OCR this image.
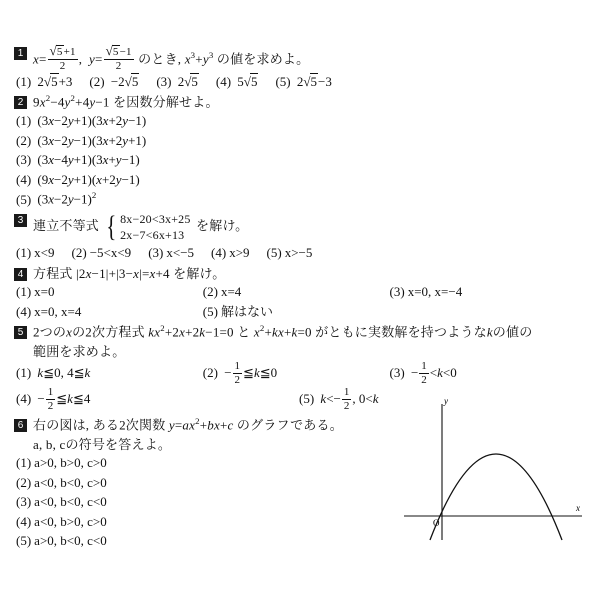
1 $x= \frac{√5+1}{2}$ ,  $y= \frac{√5-1}{2}$ のとき, $x^3+y^3$ の値を求めよ。
(1) 2√5+3 (2) −2√5 (3) 2√5 (4) 5√5 (5) 2√5−3
2 $9x^2-4y^2+4y-1$ を因数分解せよ。
(1) (3x−2y+1)(3x+2y−1)
(2) (3x−2y−1)(3x+2y+1)
(3) (3x−4y+1)(3x+y−1)
(4) (9x−2y+1)(x+2y−1)
(5) $(3x-2y-1)^2$
3 連立不等式 { 8x−20<3x+25
2x−7<6x+13
を解け。
(1) x<9 (2) −5<x<9 (3) x<−5 (4) x>9 (5) x>−5
4 方程式 |2x−1|+|3−x|=x+4 を解け。
(1) x=0	(2) x=4	(3) x=0, x=−4
(4) x=0, x=4	(5) 解はない
5 2つのxの2次方程式 $kx^2+2x+2k-1=0$ と $x^2+kx+k=0$ がともに実数解を持つようなkの値の
範囲を求めよ。
(1) k≦0, 4≦k	$(2) - \frac{1}{2}$ ≦k≦0	$(3) - \frac{1}{2} <k<0$
$(4) - \frac{1}{2}$ ≦k≦4	(5) $k<- \frac{1}{2}$ , 0<k
6 右の図は, ある2次関数 $y=ax^2+bx+c$ のグラフである。
a, b, cの符号を答えよ。
(1) a>0, b>0, c>0
(2) a<0, b<0, c>0
(3) a<0, b<0, c<0
(4) a<0, b>0, c>0
(5) a>0, b<0, c<0
y
x
O
